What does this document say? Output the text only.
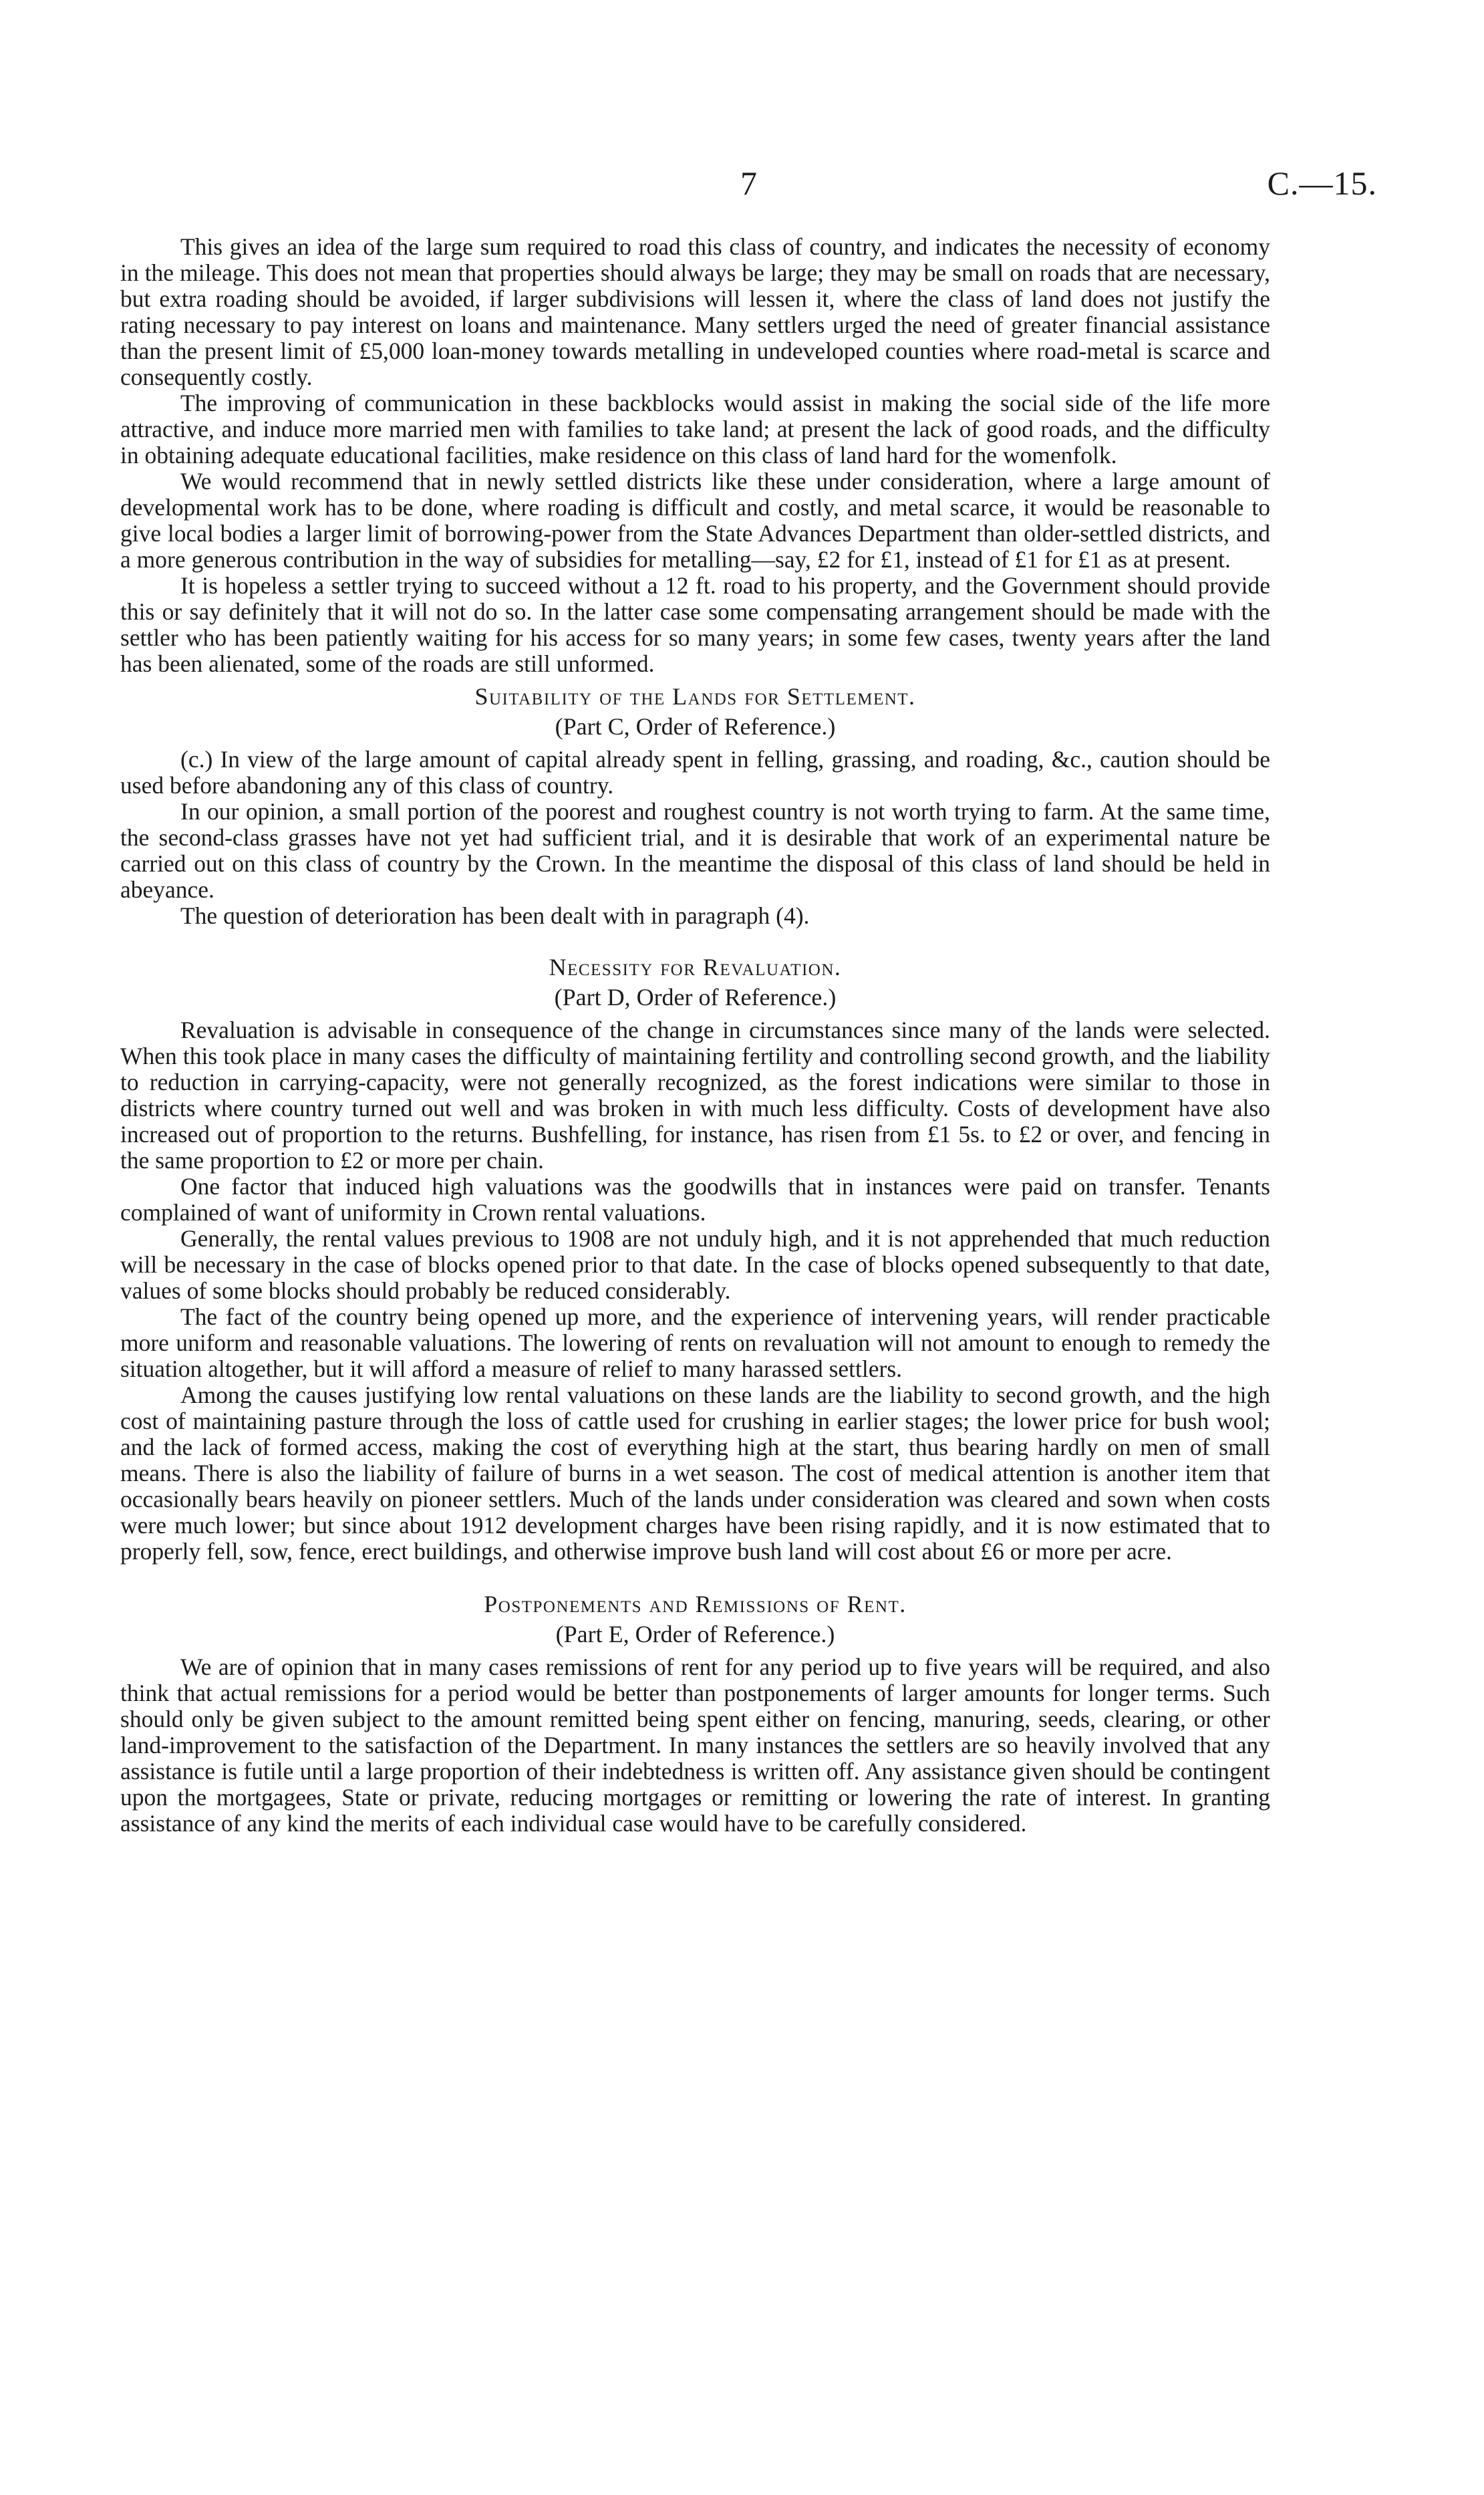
7	C.—15.

This gives an idea of the large sum required to road this class of country, and indicates the necessity of economy in the mileage. This does not mean that properties should always be large; they may be small on roads that are necessary, but extra roading should be avoided, if larger subdivisions will lessen it, where the class of land does not justify the rating necessary to pay interest on loans and maintenance. Many settlers urged the need of greater financial assistance than the present limit of £5,000 loan-money towards metalling in undeveloped counties where road-metal is scarce and consequently costly.

The improving of communication in these backblocks would assist in making the social side of the life more attractive, and induce more married men with families to take land; at present the lack of good roads, and the difficulty in obtaining adequate educational facilities, make residence on this class of land hard for the womenfolk.

We would recommend that in newly settled districts like these under consideration, where a large amount of developmental work has to be done, where roading is difficult and costly, and metal scarce, it would be reasonable to give local bodies a larger limit of borrowing-power from the State Advances Department than older-settled districts, and a more generous contribution in the way of subsidies for metalling—say, £2 for £1, instead of £1 for £1 as at present.

It is hopeless a settler trying to succeed without a 12 ft. road to his property, and the Government should provide this or say definitely that it will not do so. In the latter case some compensating arrangement should be made with the settler who has been patiently waiting for his access for so many years; in some few cases, twenty years after the land has been alienated, some of the roads are still unformed.

Suitability of the Lands for Settlement.
(Part C, Order of Reference.)

(c.) In view of the large amount of capital already spent in felling, grassing, and roading, &c., caution should be used before abandoning any of this class of country.

In our opinion, a small portion of the poorest and roughest country is not worth trying to farm. At the same time, the second-class grasses have not yet had sufficient trial, and it is desirable that work of an experimental nature be carried out on this class of country by the Crown. In the meantime the disposal of this class of land should be held in abeyance.

The question of deterioration has been dealt with in paragraph (4).

Necessity for Revaluation.
(Part D, Order of Reference.)

Revaluation is advisable in consequence of the change in circumstances since many of the lands were selected. When this took place in many cases the difficulty of maintaining fertility and controlling second growth, and the liability to reduction in carrying-capacity, were not generally recognized, as the forest indications were similar to those in districts where country turned out well and was broken in with much less difficulty. Costs of development have also increased out of proportion to the returns. Bushfelling, for instance, has risen from £1 5s. to £2 or over, and fencing in the same proportion to £2 or more per chain.

One factor that induced high valuations was the goodwills that in instances were paid on transfer. Tenants complained of want of uniformity in Crown rental valuations.

Generally, the rental values previous to 1908 are not unduly high, and it is not apprehended that much reduction will be necessary in the case of blocks opened prior to that date. In the case of blocks opened subsequently to that date, values of some blocks should probably be reduced considerably.

The fact of the country being opened up more, and the experience of intervening years, will render practicable more uniform and reasonable valuations. The lowering of rents on revaluation will not amount to enough to remedy the situation altogether, but it will afford a measure of relief to many harassed settlers.

Among the causes justifying low rental valuations on these lands are the liability to second growth, and the high cost of maintaining pasture through the loss of cattle used for crushing in earlier stages; the lower price for bush wool; and the lack of formed access, making the cost of everything high at the start, thus bearing hardly on men of small means. There is also the liability of failure of burns in a wet season. The cost of medical attention is another item that occasionally bears heavily on pioneer settlers. Much of the lands under consideration was cleared and sown when costs were much lower; but since about 1912 development charges have been rising rapidly, and it is now estimated that to properly fell, sow, fence, erect buildings, and otherwise improve bush land will cost about £6 or more per acre.

Postponements and Remissions of Rent.
(Part E, Order of Reference.)

We are of opinion that in many cases remissions of rent for any period up to five years will be required, and also think that actual remissions for a period would be better than postponements of larger amounts for longer terms. Such should only be given subject to the amount remitted being spent either on fencing, manuring, seeds, clearing, or other land-improvement to the satisfaction of the Department. In many instances the settlers are so heavily involved that any assistance is futile until a large proportion of their indebtedness is written off. Any assistance given should be contingent upon the mortgagees, State or private, reducing mortgages or remitting or lowering the rate of interest. In granting assistance of any kind the merits of each individual case would have to be carefully considered.
